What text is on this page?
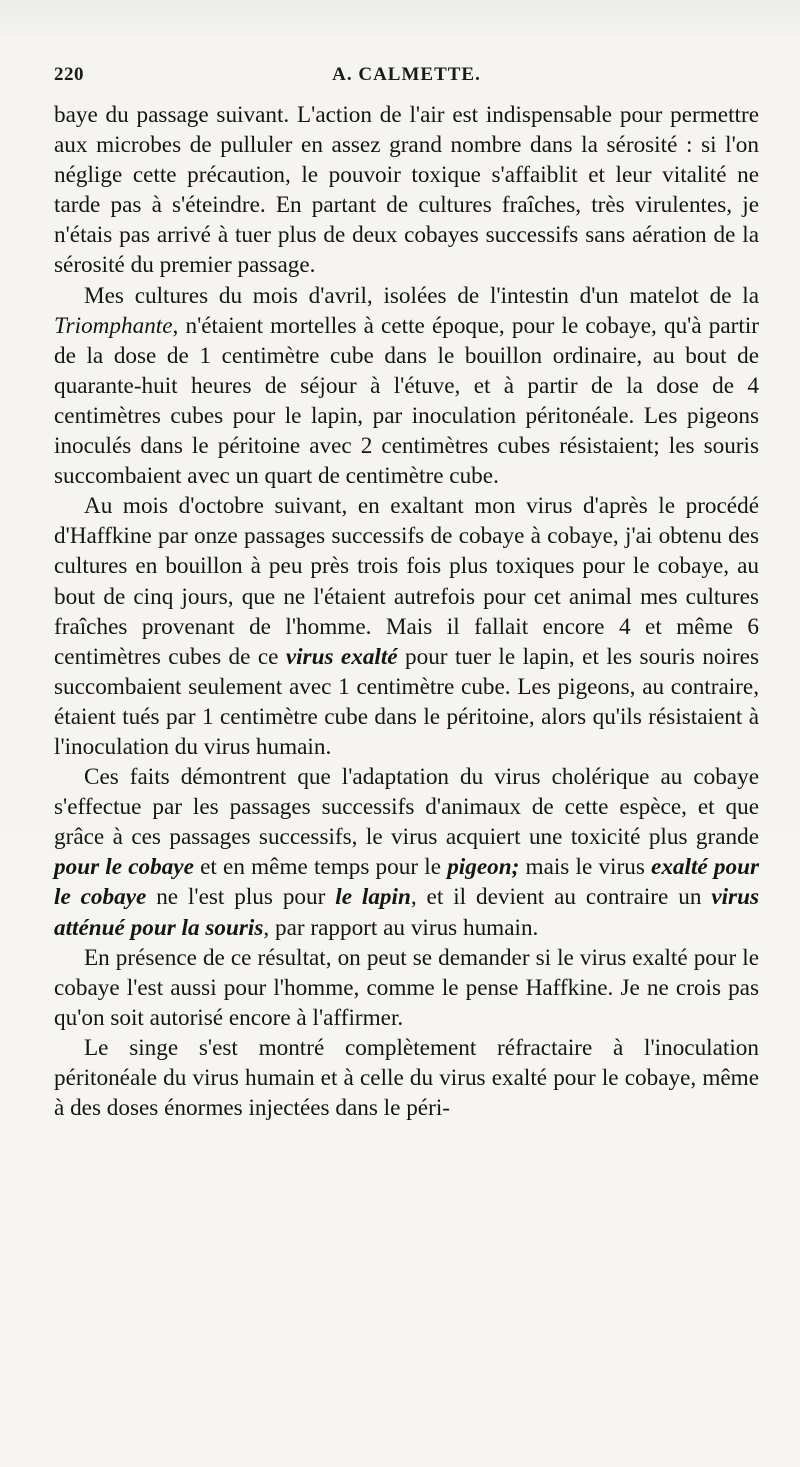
220	A. CALMETTE.

baye du passage suivant. L'action de l'air est indispensable pour permettre aux microbes de pulluler en assez grand nombre dans la sérosité : si l'on néglige cette précaution, le pouvoir toxique s'affaiblit et leur vitalité ne tarde pas à s'éteindre. En partant de cultures fraîches, très virulentes, je n'étais pas arrivé à tuer plus de deux cobayes successifs sans aération de la sérosité du premier passage.

Mes cultures du mois d'avril, isolées de l'intestin d'un matelot de la Triomphante, n'étaient mortelles à cette époque, pour le cobaye, qu'à partir de la dose de 1 centimètre cube dans le bouillon ordinaire, au bout de quarante-huit heures de séjour à l'étuve, et à partir de la dose de 4 centimètres cubes pour le lapin, par inoculation péritonéale. Les pigeons inoculés dans le péritoine avec 2 centimètres cubes résistaient; les souris succombaient avec un quart de centimètre cube.

Au mois d'octobre suivant, en exaltant mon virus d'après le procédé d'Haffkine par onze passages successifs de cobaye à cobaye, j'ai obtenu des cultures en bouillon à peu près trois fois plus toxiques pour le cobaye, au bout de cinq jours, que ne l'étaient autrefois pour cet animal mes cultures fraîches provenant de l'homme. Mais il fallait encore 4 et même 6 centimètres cubes de ce virus exalté pour tuer le lapin, et les souris noires succombaient seulement avec 1 centimètre cube. Les pigeons, au contraire, étaient tués par 1 centimètre cube dans le péritoine, alors qu'ils résistaient à l'inoculation du virus humain.

Ces faits démontrent que l'adaptation du virus cholérique au cobaye s'effectue par les passages successifs d'animaux de cette espèce, et que grâce à ces passages successifs, le virus acquiert une toxicité plus grande pour le cobaye et en même temps pour le pigeon; mais le virus exalté pour le cobaye ne l'est plus pour le lapin, et il devient au contraire un virus atténué pour la souris, par rapport au virus humain.

En présence de ce résultat, on peut se demander si le virus exalté pour le cobaye l'est aussi pour l'homme, comme le pense Haffkine. Je ne crois pas qu'on soit autorisé encore à l'affirmer.

Le singe s'est montré complètement réfractaire à l'inoculation péritonéale du virus humain et à celle du virus exalté pour le cobaye, même à des doses énormes injectées dans le péri-
